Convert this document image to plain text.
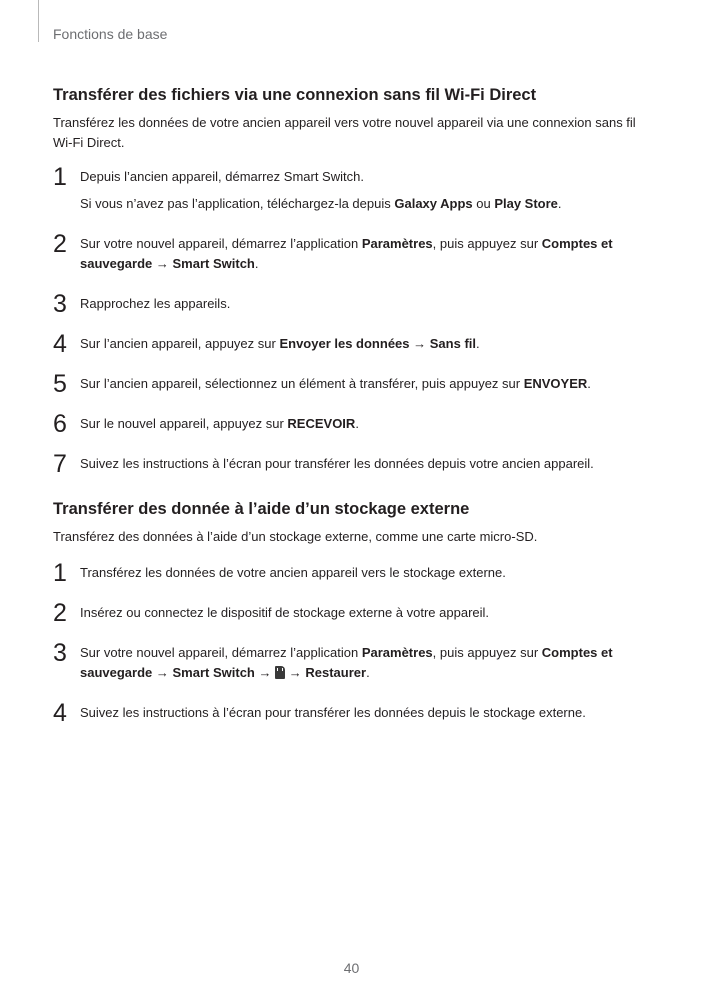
Fonctions de base
Transférer des fichiers via une connexion sans fil Wi-Fi Direct

Transférez les données de votre ancien appareil vers votre nouvel appareil via une connexion sans fil Wi-Fi Direct.

1 Depuis l’ancien appareil, démarrez Smart Switch.
Si vous n’avez pas l’application, téléchargez-la depuis Galaxy Apps ou Play Store.
2 Sur votre nouvel appareil, démarrez l’application Paramètres, puis appuyez sur Comptes et sauvegarde → Smart Switch.
3 Rapprochez les appareils.
4 Sur l’ancien appareil, appuyez sur Envoyer les données → Sans fil.
5 Sur l’ancien appareil, sélectionnez un élément à transférer, puis appuyez sur ENVOYER.
6 Sur le nouvel appareil, appuyez sur RECEVOIR.
7 Suivez les instructions à l’écran pour transférer les données depuis votre ancien appareil.
Transférer des donnée à l’aide d’un stockage externe

Transférez des données à l’aide d’un stockage externe, comme une carte micro-SD.

1 Transférez les données de votre ancien appareil vers le stockage externe.
2 Insérez ou connectez le dispositif de stockage externe à votre appareil.
3 Sur votre nouvel appareil, démarrez l’application Paramètres, puis appuyez sur Comptes et sauvegarde → Smart Switch → → Restaurer.
4 Suivez les instructions à l’écran pour transférer les données depuis le stockage externe.
40
